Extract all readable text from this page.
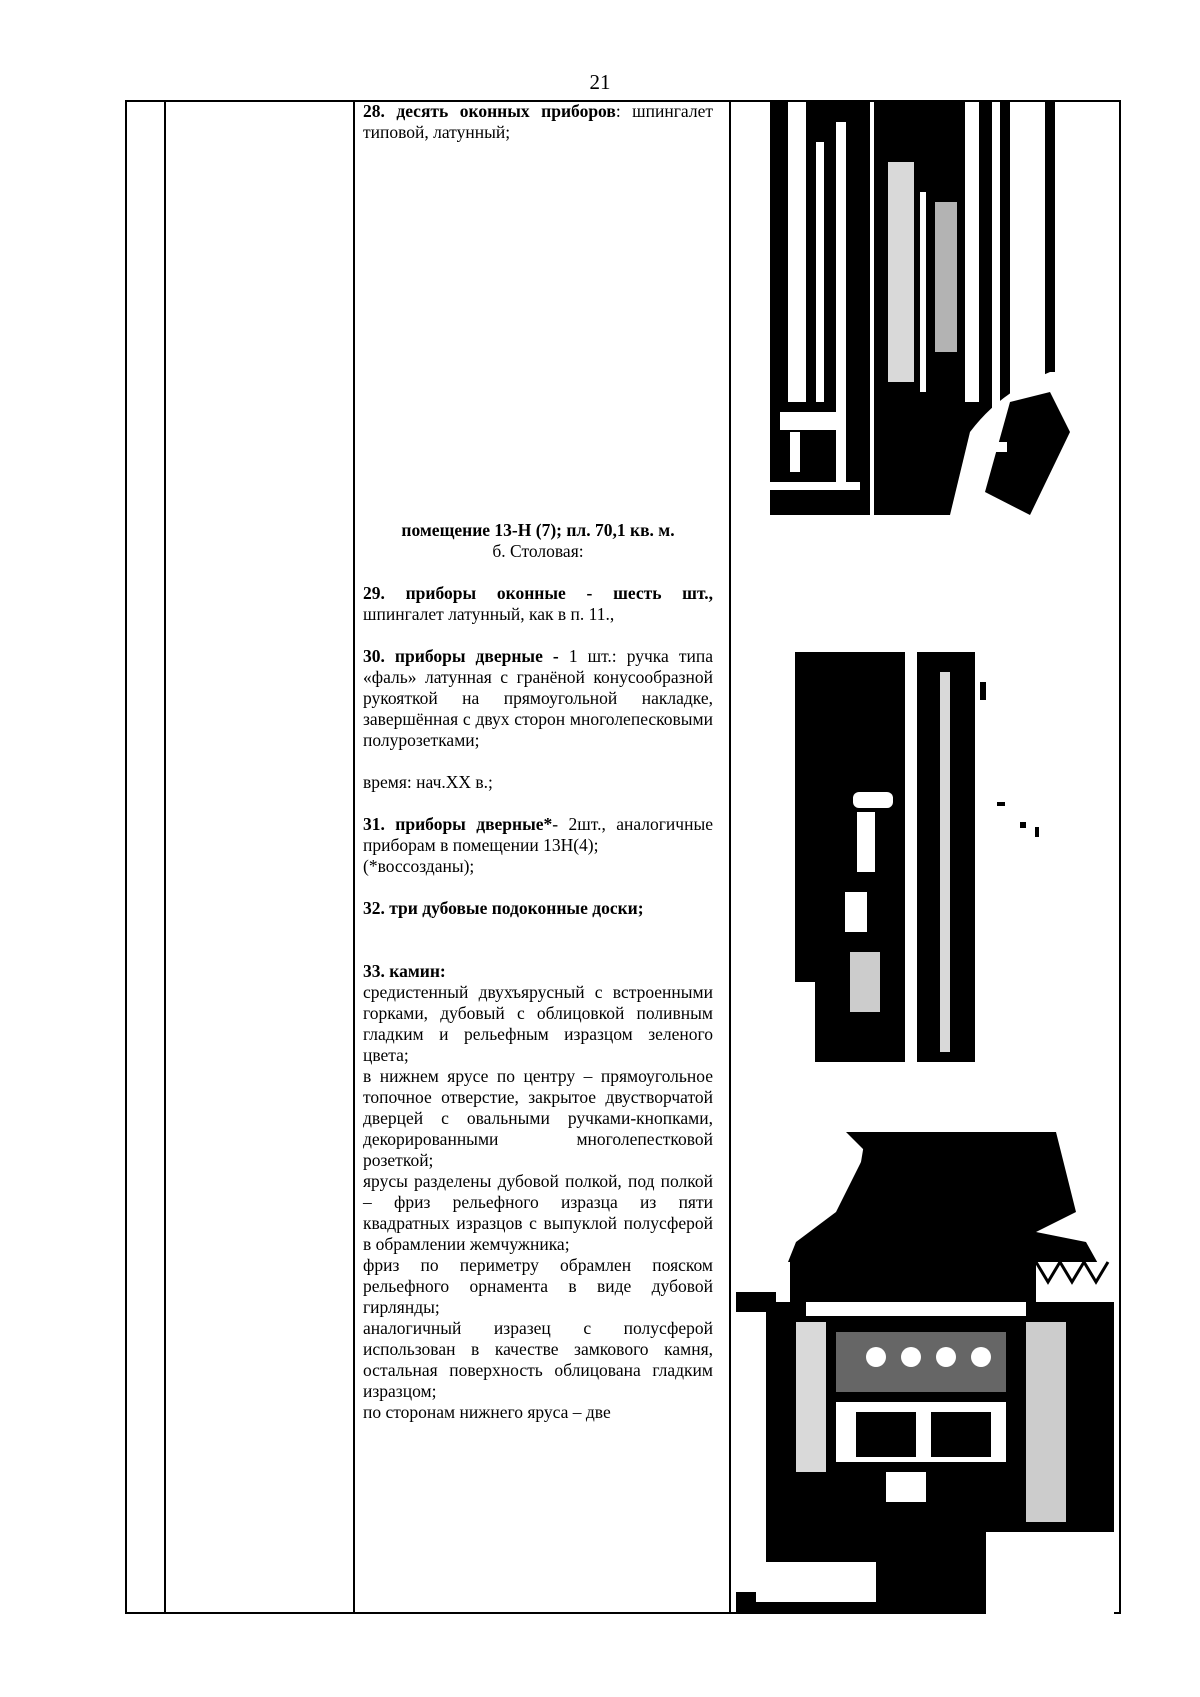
21

28. десять оконных приборов: шпингалет типовой, латунный;

помещение 13-Н (7); пл. 70,1 кв. м.

б. Столовая:

29. приборы оконные - шесть шт., шпингалет латунный, как в п. 11.,

30. приборы дверные - 1 шт.: ручка типа «фаль» латунная с гранёной конусообразной рукояткой на прямоугольной накладке, завершённая с двух сторон многолепесковыми полурозетками;

время: нач.XX в.;

31. приборы дверные*- 2шт., аналогичные приборам в помещении 13Н(4);

(*воссозданы);

32. три дубовые подоконные доски;

33. камин:

средистенный двухъярусный с встроенными горками, дубовый с облицовкой поливным гладким и рельефным изразцом зеленого цвета;

в нижнем ярусе по центру – прямоугольное топочное отверстие, закрытое двустворчатой дверцей с овальными ручками-кнопками, декорированными многолепестковой розеткой;

ярусы разделены дубовой полкой, под полкой – фриз рельефного изразца из пяти квадратных изразцов с выпуклой полусферой в обрамлении жемчужника;

фриз по периметру обрамлен пояском рельефного орнамента в виде дубовой гирлянды;

аналогичный изразец с полусферой использован в качестве замкового камня, остальная поверхность облицована гладким изразцом;

по сторонам нижнего яруса – две
